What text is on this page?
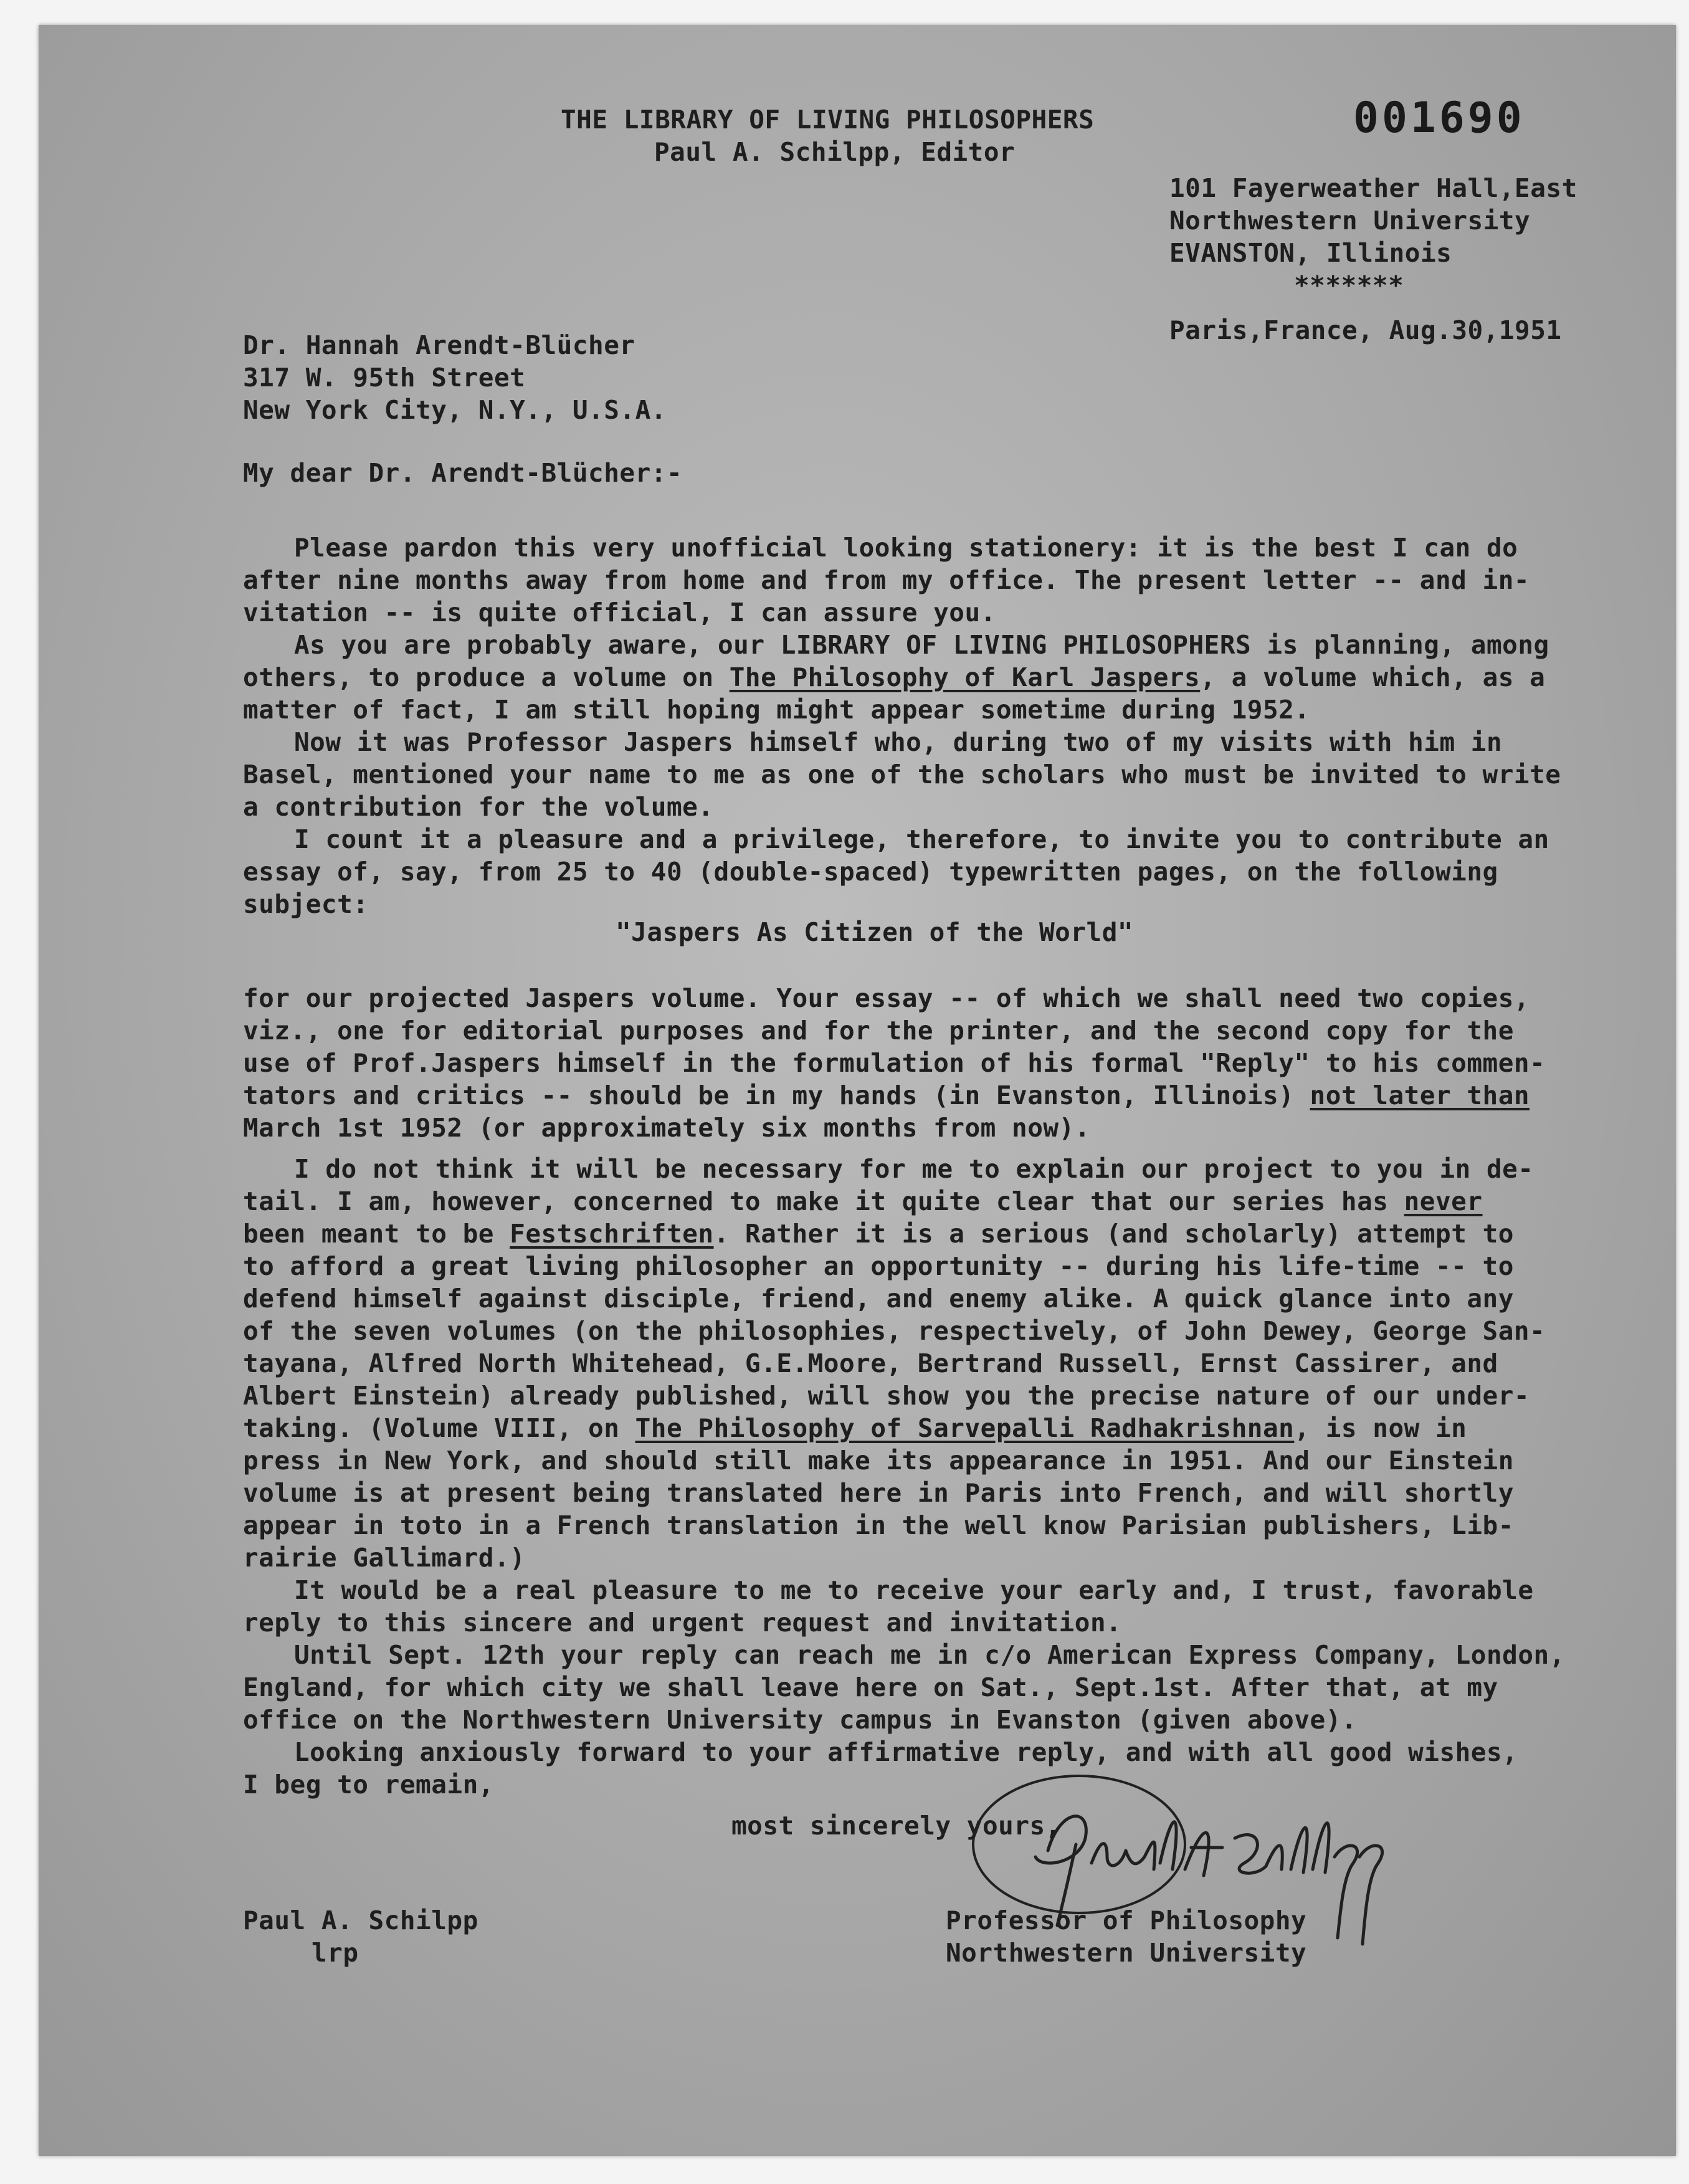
001690
THE LIBRARY OF LIVING PHILOSOPHERS
Paul A. Schilpp, Editor
101 Fayerweather Hall,East
Northwestern University
EVANSTON, Illinois
*******
Paris,France, Aug.30,1951
Dr. Hannah Arendt-Blücher
317 W. 95th Street
New York City, N.Y., U.S.A.
My dear Dr. Arendt-Blücher:-
Please pardon this very unofficial looking stationery: it is the best I can do
after nine months away from home and from my office. The present letter -- and in-
vitation -- is quite official, I can assure you.
As you are probably aware, our LIBRARY OF LIVING PHILOSOPHERS is planning, among
others, to produce a volume on The Philosophy of Karl Jaspers, a volume which, as a
matter of fact, I am still hoping might appear sometime during 1952.
Now it was Professor Jaspers himself who, during two of my visits with him in
Basel, mentioned your name to me as one of the scholars who must be invited to write
a contribution for the volume.
I count it a pleasure and a privilege, therefore, to invite you to contribute an
essay of, say, from 25 to 40 (double-spaced) typewritten pages, on the following
subject:
"Jaspers As Citizen of the World"
for our projected Jaspers volume. Your essay -- of which we shall need two copies,
viz., one for editorial purposes and for the printer, and the second copy for the
use of Prof.Jaspers himself in the formulation of his formal "Reply" to his commen-
tators and critics -- should be in my hands (in Evanston, Illinois) not later than
March 1st 1952 (or approximately six months from now).
I do not think it will be necessary for me to explain our project to you in de-
tail. I am, however, concerned to make it quite clear that our series has never
been meant to be Festschriften. Rather it is a serious (and scholarly) attempt to
to afford a great living philosopher an opportunity -- during his life-time -- to
defend himself against disciple, friend, and enemy alike. A quick glance into any
of the seven volumes (on the philosophies, respectively, of John Dewey, George San-
tayana, Alfred North Whitehead, G.E.Moore, Bertrand Russell, Ernst Cassirer, and
Albert Einstein) already published, will show you the precise nature of our under-
taking. (Volume VIII, on The Philosophy of Sarvepalli Radhakrishnan, is now in
press in New York, and should still make its appearance in 1951. And our Einstein
volume is at present being translated here in Paris into French, and will shortly
appear in toto in a French translation in the well know Parisian publishers, Lib-
rairie Gallimard.)
It would be a real pleasure to me to receive your early and, I trust, favorable
reply to this sincere and urgent request and invitation.
Until Sept. 12th your reply can reach me in c/o American Express Company, London,
England, for which city we shall leave here on Sat., Sept.1st. After that, at my
office on the Northwestern University campus in Evanston (given above).
Looking anxiously forward to your affirmative reply, and with all good wishes,
I beg to remain,
most sincerely yours,
Paul A. Schilpp
lrp
Professor of Philosophy
Northwestern University
